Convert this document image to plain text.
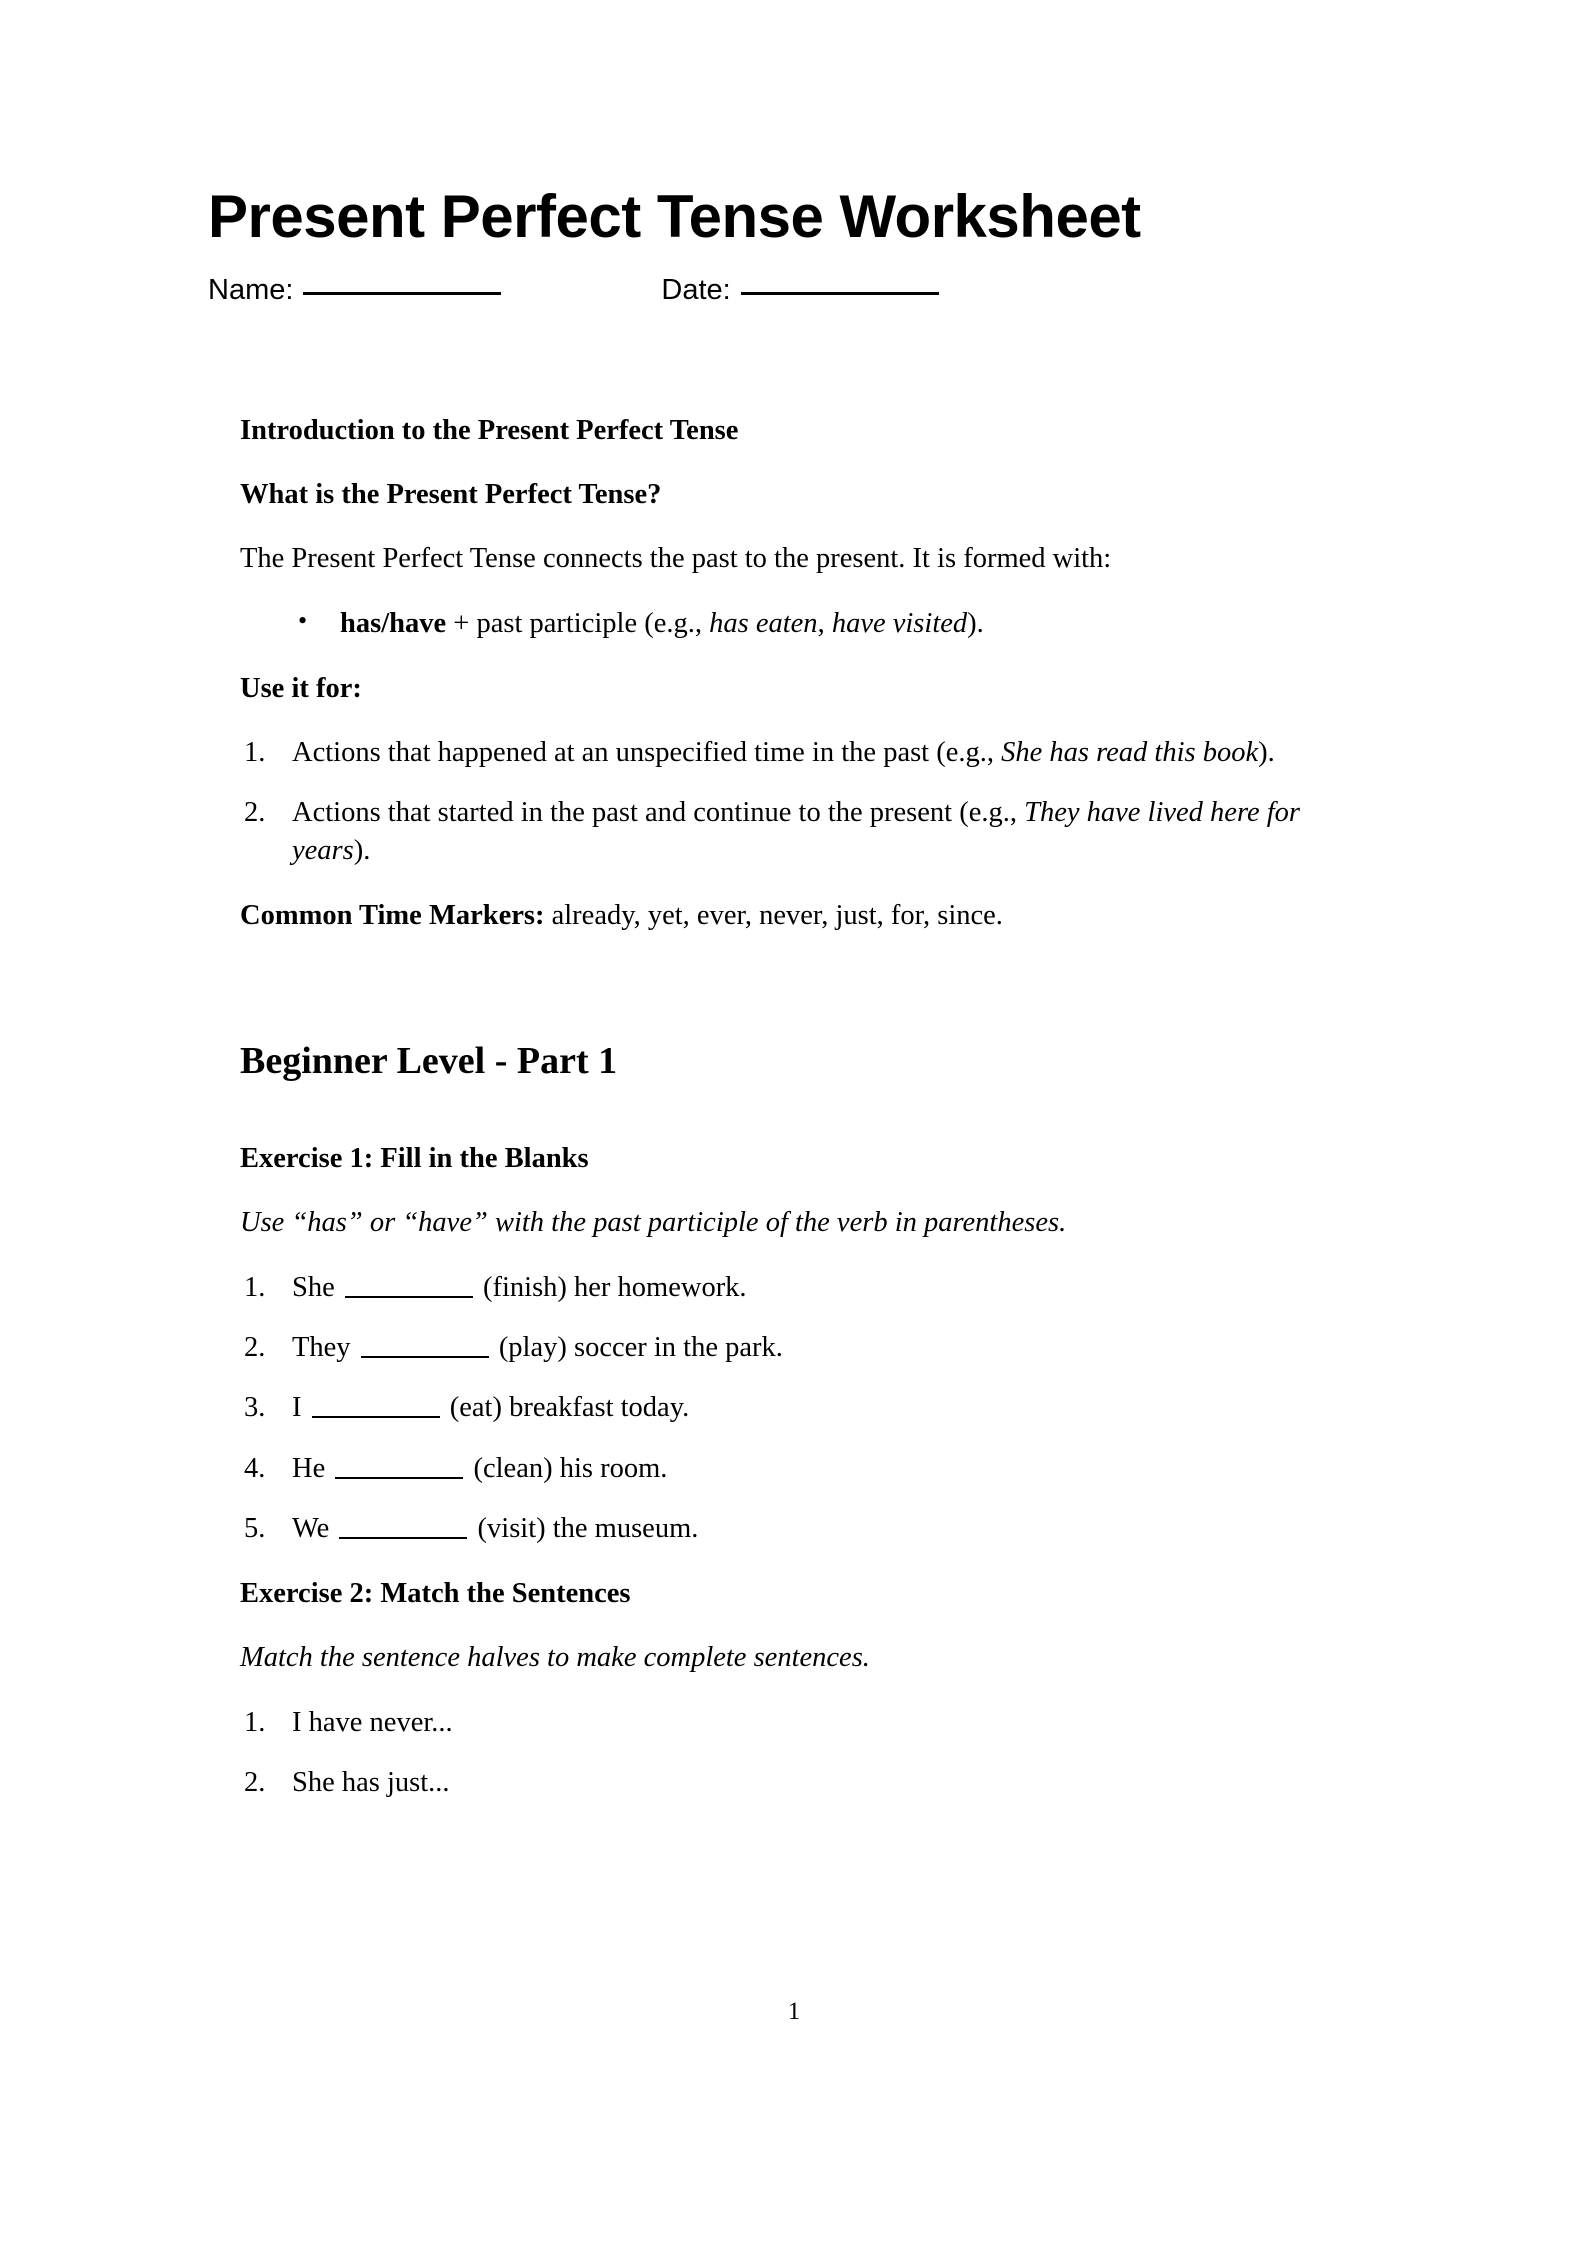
Present Perfect Tense Worksheet
Name:	Date:
Introduction to the Present Perfect Tense
What is the Present Perfect Tense?

The Present Perfect Tense connects the past to the present. It is formed with:

• has/have + past participle (e.g., has eaten, have visited).
Use it for:
Actions that happened at an unspecified time in the past (e.g., She has read this book).
Actions that started in the past and continue to the present (e.g., They have lived here for years).

Common Time Markers: already, yet, ever, never, just, for, since.

Beginner Level - Part 1
Exercise 1: Fill in the Blanks

Use “has” or “have” with the past participle of the verb in parentheses.

She	(finish) her homework.
They	(play) soccer in the park.
I	(eat) breakfast today.
He	(clean) his room.
We	(visit) the museum.
Exercise 2: Match the Sentences

Match the sentence halves to make complete sentences.

I have never...
She has just...
1
